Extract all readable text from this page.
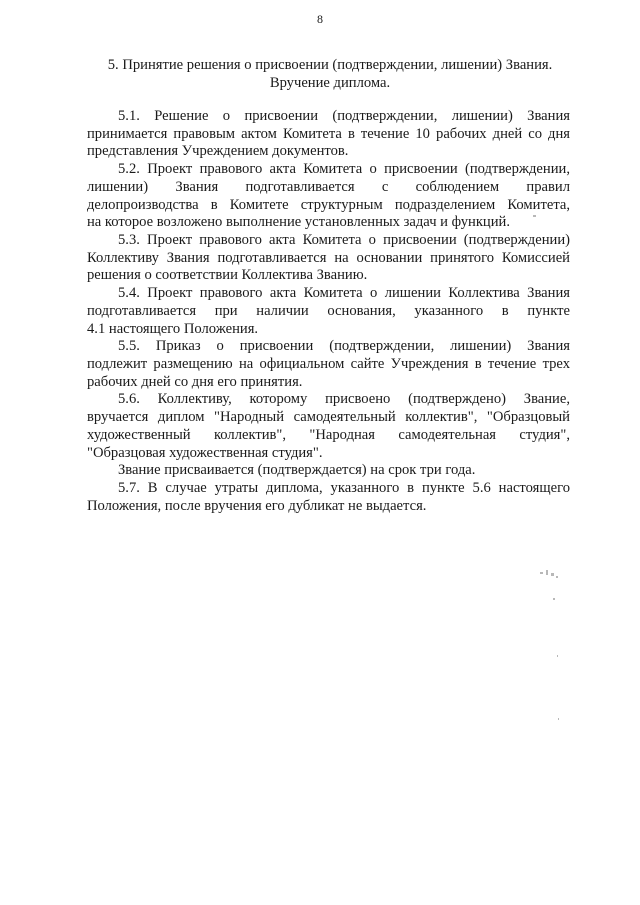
8
5. Принятие решения о присвоении (подтверждении, лишении) Звания.
Вручение диплома.
5.1. Решение о присвоении (подтверждении, лишении) Звания
принимается правовым актом Комитета в течение 10 рабочих дней со дня
представления Учреждением документов.
5.2. Проект правового акта Комитета о присвоении (подтверждении,
лишении) Звания подготавливается с соблюдением правил
делопроизводства в Комитете структурным подразделением Комитета,
на которое возложено выполнение установленных задач и функций.
5.3. Проект правового акта Комитета о присвоении (подтверждении)
Коллективу Звания подготавливается на основании принятого Комиссией
решения о соответствии Коллектива Званию.
5.4. Проект правового акта Комитета о лишении Коллектива Звания
подготавливается при наличии основания, указанного в пункте
4.1 настоящего Положения.
5.5. Приказ о присвоении (подтверждении, лишении) Звания
подлежит размещению на официальном сайте Учреждения в течение трех
рабочих дней со дня его принятия.
5.6. Коллективу, которому присвоено (подтверждено) Звание,
вручается диплом "Народный самодеятельный коллектив", "Образцовый
художественный коллектив", "Народная самодеятельная студия",
"Образцовая художественная студия".
Звание присваивается (подтверждается) на срок три года.
5.7. В случае утраты диплома, указанного в пункте 5.6 настоящего
Положения, после вручения его дубликат не выдается.
